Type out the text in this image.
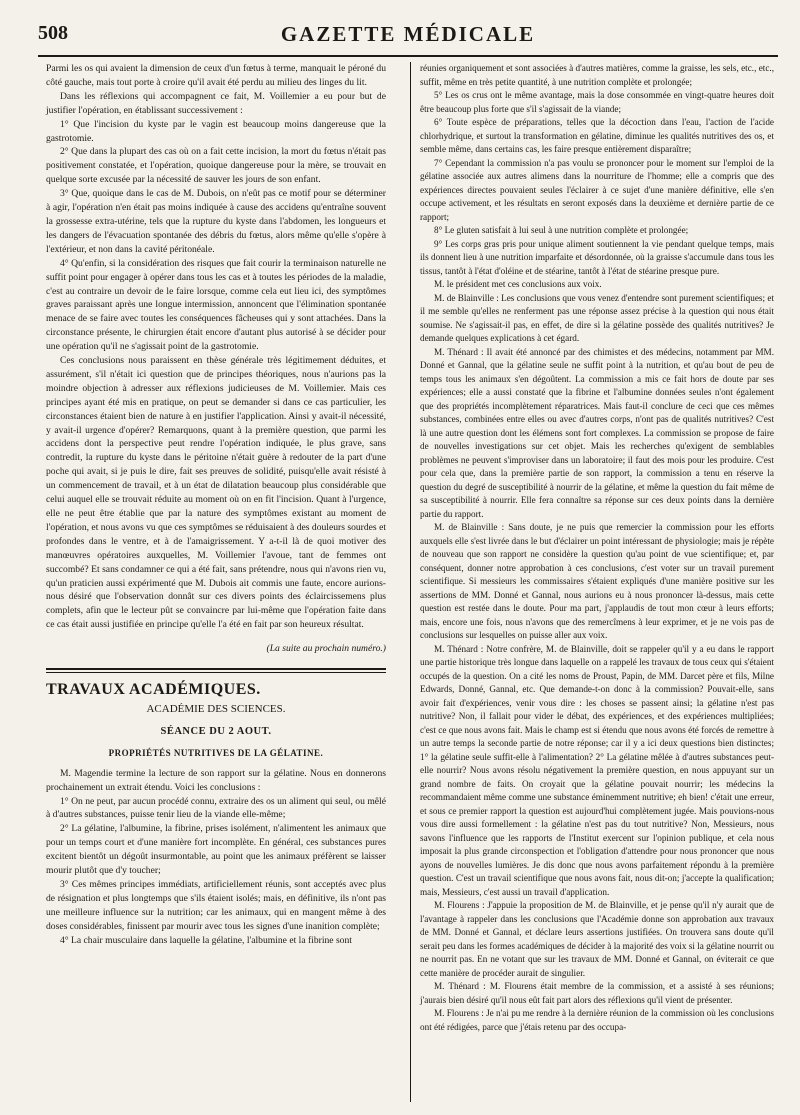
508	GAZETTE MÉDICALE

Parmi les os qui avaient la dimension de ceux d'un fœtus à terme, manquait le péroné du côté gauche, mais tout porte à croire qu'il avait été perdu au milieu des linges du lit.

Dans les réflexions qui accompagnent ce fait, M. Voillemier a eu pour but de justifier l'opération, en établissant successivement :

1° Que l'incision du kyste par le vagin est beaucoup moins dangereuse que la gastrotomie.

2° Que dans la plupart des cas où on a fait cette incision, la mort du fœtus n'était pas positivement constatée, et l'opération, quoique dangereuse pour la mère, se trouvait en quelque sorte excusée par la nécessité de sauver les jours de son enfant.

3° Que, quoique dans le cas de M. Dubois, on n'eût pas ce motif pour se déterminer à agir, l'opération n'en était pas moins indiquée à cause des accidens qu'entraîne souvent la grossesse extra-utérine, tels que la rupture du kyste dans l'abdomen, les longueurs et les dangers de l'évacuation spontanée des débris du fœtus, alors même qu'elle s'opère à l'extérieur, et non dans la cavité péritonéale.

4° Qu'enfin, si la considération des risques que fait courir la terminaison naturelle ne suffit point pour engager à opérer dans tous les cas et à toutes les périodes de la maladie, c'est au contraire un devoir de le faire lorsque, comme cela eut lieu ici, des symptômes graves paraissant après une longue intermission, annoncent que l'élimination spontanée menace de se faire avec toutes les conséquences fâcheuses qui y sont attachées. Dans la circonstance présente, le chirurgien était encore d'autant plus autorisé à se décider pour une opération qu'il ne s'agissait point de la gastrotomie.

Ces conclusions nous paraissent en thèse générale très légitimement déduites, et assurément, s'il n'était ici question que de principes théoriques, nous n'aurions pas la moindre objection à adresser aux réflexions judicieuses de M. Voillemier. Mais ces principes ayant été mis en pratique, on peut se demander si dans ce cas particulier, les circonstances étaient bien de nature à en justifier l'application. Ainsi y avait-il nécessité, y avait-il urgence d'opérer? Remarquons, quant à la première question, que parmi les accidens dont la perspective peut rendre l'opération indiquée, le plus grave, sans contredit, la rupture du kyste dans le péritoine n'était guère à redouter de la part d'une poche qui avait, si je puis le dire, fait ses preuves de solidité, puisqu'elle avait résisté à un commencement de travail, et à un état de dilatation beaucoup plus considérable que celui auquel elle se trouvait réduite au moment où on en fit l'incision. Quant à l'urgence, elle ne peut être établie que par la nature des symptômes existant au moment de l'opération, et nous avons vu que ces symptômes se réduisaient à des douleurs sourdes et profondes dans le ventre, et à de l'amaigrissement. Y a-t-il là de quoi motiver des manœuvres opératoires auxquelles, M. Voillemier l'avoue, tant de femmes ont succombé? Et sans condamner ce qui a été fait, sans prétendre, nous qui n'avons rien vu, qu'un praticien aussi expérimenté que M. Dubois ait commis une faute, encore aurions-nous désiré que l'observation donnât sur ces divers points des éclaircissemens plus complets, afin que le lecteur pût se convaincre par lui-même que l'opération faite dans ce cas était aussi justifiée en principe qu'elle l'a été en fait par son heureux résultat.

(La suite au prochain numéro.)

TRAVAUX ACADÉMIQUES.

ACADÉMIE DES SCIENCES.

SÉANCE DU 2 AOUT.

PROPRIÉTÉS NUTRITIVES DE LA GÉLATINE.

M. Magendie termine la lecture de son rapport sur la gélatine. Nous en donnerons prochainement un extrait étendu. Voici les conclusions :

1° On ne peut, par aucun procédé connu, extraire des os un aliment qui seul, ou mêlé à d'autres substances, puisse tenir lieu de la viande elle-même;

2° La gélatine, l'albumine, la fibrine, prises isolément, n'alimentent les animaux que pour un temps court et d'une manière fort incomplète. En général, ces substances pures excitent bientôt un dégoût insurmontable, au point que les animaux préfèrent se laisser mourir plutôt que d'y toucher;

3° Ces mêmes principes immédiats, artificiellement réunis, sont acceptés avec plus de résignation et plus longtemps que s'ils étaient isolés; mais, en définitive, ils n'ont pas une meilleure influence sur la nutrition; car les animaux, qui en mangent même à des doses considérables, finissent par mourir avec tous les signes d'une inanition complète;

4° La chair musculaire dans laquelle la gélatine, l'albumine et la fibrine sont

réunies organiquement et sont associées à d'autres matières, comme la graisse, les sels, etc., etc., suffit, même en très petite quantité, à une nutrition complète et prolongée;

5° Les os crus ont le même avantage, mais la dose consommée en vingt-quatre heures doit être beaucoup plus forte que s'il s'agissait de la viande;

6° Toute espèce de préparations, telles que la décoction dans l'eau, l'action de l'acide chlorhydrique, et surtout la transformation en gélatine, diminue les qualités nutritives des os, et semble même, dans certains cas, les faire presque entièrement disparaître;

7° Cependant la commission n'a pas voulu se prononcer pour le moment sur l'emploi de la gélatine associée aux autres alimens dans la nourriture de l'homme; elle a compris que des expériences directes pouvaient seules l'éclairer à ce sujet d'une manière définitive, elle s'en occupe activement, et les résultats en seront exposés dans la deuxième et dernière partie de ce rapport;

8° Le gluten satisfait à lui seul à une nutrition complète et prolongée;

9° Les corps gras pris pour unique aliment soutiennent la vie pendant quelque temps, mais ils donnent lieu à une nutrition imparfaite et désordonnée, où la graisse s'accumule dans tous les tissus, tantôt à l'état d'oléine et de stéarine, tantôt à l'état de stéarine presque pure.

M. le président met ces conclusions aux voix.

M. de Blainville : Les conclusions que vous venez d'entendre sont purement scientifiques; et il me semble qu'elles ne renferment pas une réponse assez précise à la question qui nous était soumise. Ne s'agissait-il pas, en effet, de dire si la gélatine possède des qualités nutritives? Je demande quelques explications à cet égard.

M. Thénard : Il avait été annoncé par des chimistes et des médecins, notamment par MM. Donné et Gannal, que la gélatine seule ne suffit point à la nutrition, et qu'au bout de peu de temps tous les animaux s'en dégoûtent. La commission a mis ce fait hors de doute par ses expériences; elle a aussi constaté que la fibrine et l'albumine données seules n'ont également que des propriétés incomplètement réparatrices. Mais faut-il conclure de ceci que ces mêmes substances, combinées entre elles ou avec d'autres corps, n'ont pas de qualités nutritives? C'est là une autre question dont les élémens sont fort complexes. La commission se propose de faire de nouvelles investigations sur cet objet. Mais les recherches qu'exigent de semblables problèmes ne peuvent s'improviser dans un laboratoire; il faut des mois pour les produire. C'est pour cela que, dans la première partie de son rapport, la commission a tenu en réserve la question du degré de susceptibilité à nourrir de la gélatine, et même la question du fait même de sa susceptibilité à nourrir. Elle fera connaître sa réponse sur ces deux points dans la dernière partie du rapport.

M. de Blainville : Sans doute, je ne puis que remercier la commission pour les efforts auxquels elle s'est livrée dans le but d'éclairer un point intéressant de physiologie; mais je répète de nouveau que son rapport ne considère la question qu'au point de vue scientifique; et, par conséquent, donner notre approbation à ces conclusions, c'est voter sur un travail purement scientifique. Si messieurs les commissaires s'étaient expliqués d'une manière positive sur les assertions de MM. Donné et Gannal, nous aurions eu à nous prononcer là-dessus, mais cette question est restée dans le doute. Pour ma part, j'applaudis de tout mon cœur à leurs efforts; mais, encore une fois, nous n'avons que des remercîmens à leur exprimer, et je ne vois pas de conclusions sur lesquelles on puisse aller aux voix.

M. Thénard : Notre confrère, M. de Blainville, doit se rappeler qu'il y a eu dans le rapport une partie historique très longue dans laquelle on a rappelé les travaux de tous ceux qui s'étaient occupés de la question. On a cité les noms de Proust, Papin, de MM. Darcet père et fils, Milne Edwards, Donné, Gannal, etc. Que demande-t-on donc à la commission? Pouvait-elle, sans avoir fait d'expériences, venir vous dire : les choses se passent ainsi; la gélatine n'est pas nutritive? Non, il fallait pour vider le débat, des expériences, et des expériences multipliées; c'est ce que nous avons fait. Mais le champ est si étendu que nous avons été forcés de remettre à un autre temps la seconde partie de notre réponse; car il y a ici deux questions bien distinctes; 1° la gélatine seule suffit-elle à l'alimentation? 2° La gélatine mêlée à d'autres substances peut-elle nourrir? Nous avons résolu négativement la première question, en nous appuyant sur un grand nombre de faits. On croyait que la gélatine pouvait nourrir; les médecins la recommandaient même comme une substance éminemment nutritive; eh bien! c'était une erreur, et sous ce premier rapport la question est aujourd'hui complètement jugée. Mais pouvions-nous vous dire aussi formellement : la gélatine n'est pas du tout nutritive? Non, Messieurs, nous savons l'influence que les rapports de l'Institut exercent sur l'opinion publique, et cela nous imposait la plus grande circonspection et l'obligation d'attendre pour nous prononcer que nous ayons de nouvelles lumières. Je dis donc que nous avons parfaitement répondu à la première question. C'est un travail scientifique que nous avons fait, nous dit-on; j'accepte la qualification; mais, Messieurs, c'est aussi un travail d'application.

M. Flourens : J'appuie la proposition de M. de Blainville, et je pense qu'il n'y aurait que de l'avantage à rappeler dans les conclusions que l'Académie donne son approbation aux travaux de MM. Donné et Gannal, et déclare leurs assertions justifiées. On trouvera sans doute qu'il serait peu dans les formes académiques de décider à la majorité des voix si la gélatine nourrit ou ne nourrit pas. En ne votant que sur les travaux de MM. Donné et Gannal, on éviterait ce que cette manière de procéder aurait de singulier.

M. Thénard : M. Flourens était membre de la commission, et a assisté à ses réunions; j'aurais bien désiré qu'il nous eût fait part alors des réflexions qu'il vient de présenter.

M. Flourens : Je n'ai pu me rendre à la dernière réunion de la commission où les conclusions ont été rédigées, parce que j'étais retenu par des occupa-
